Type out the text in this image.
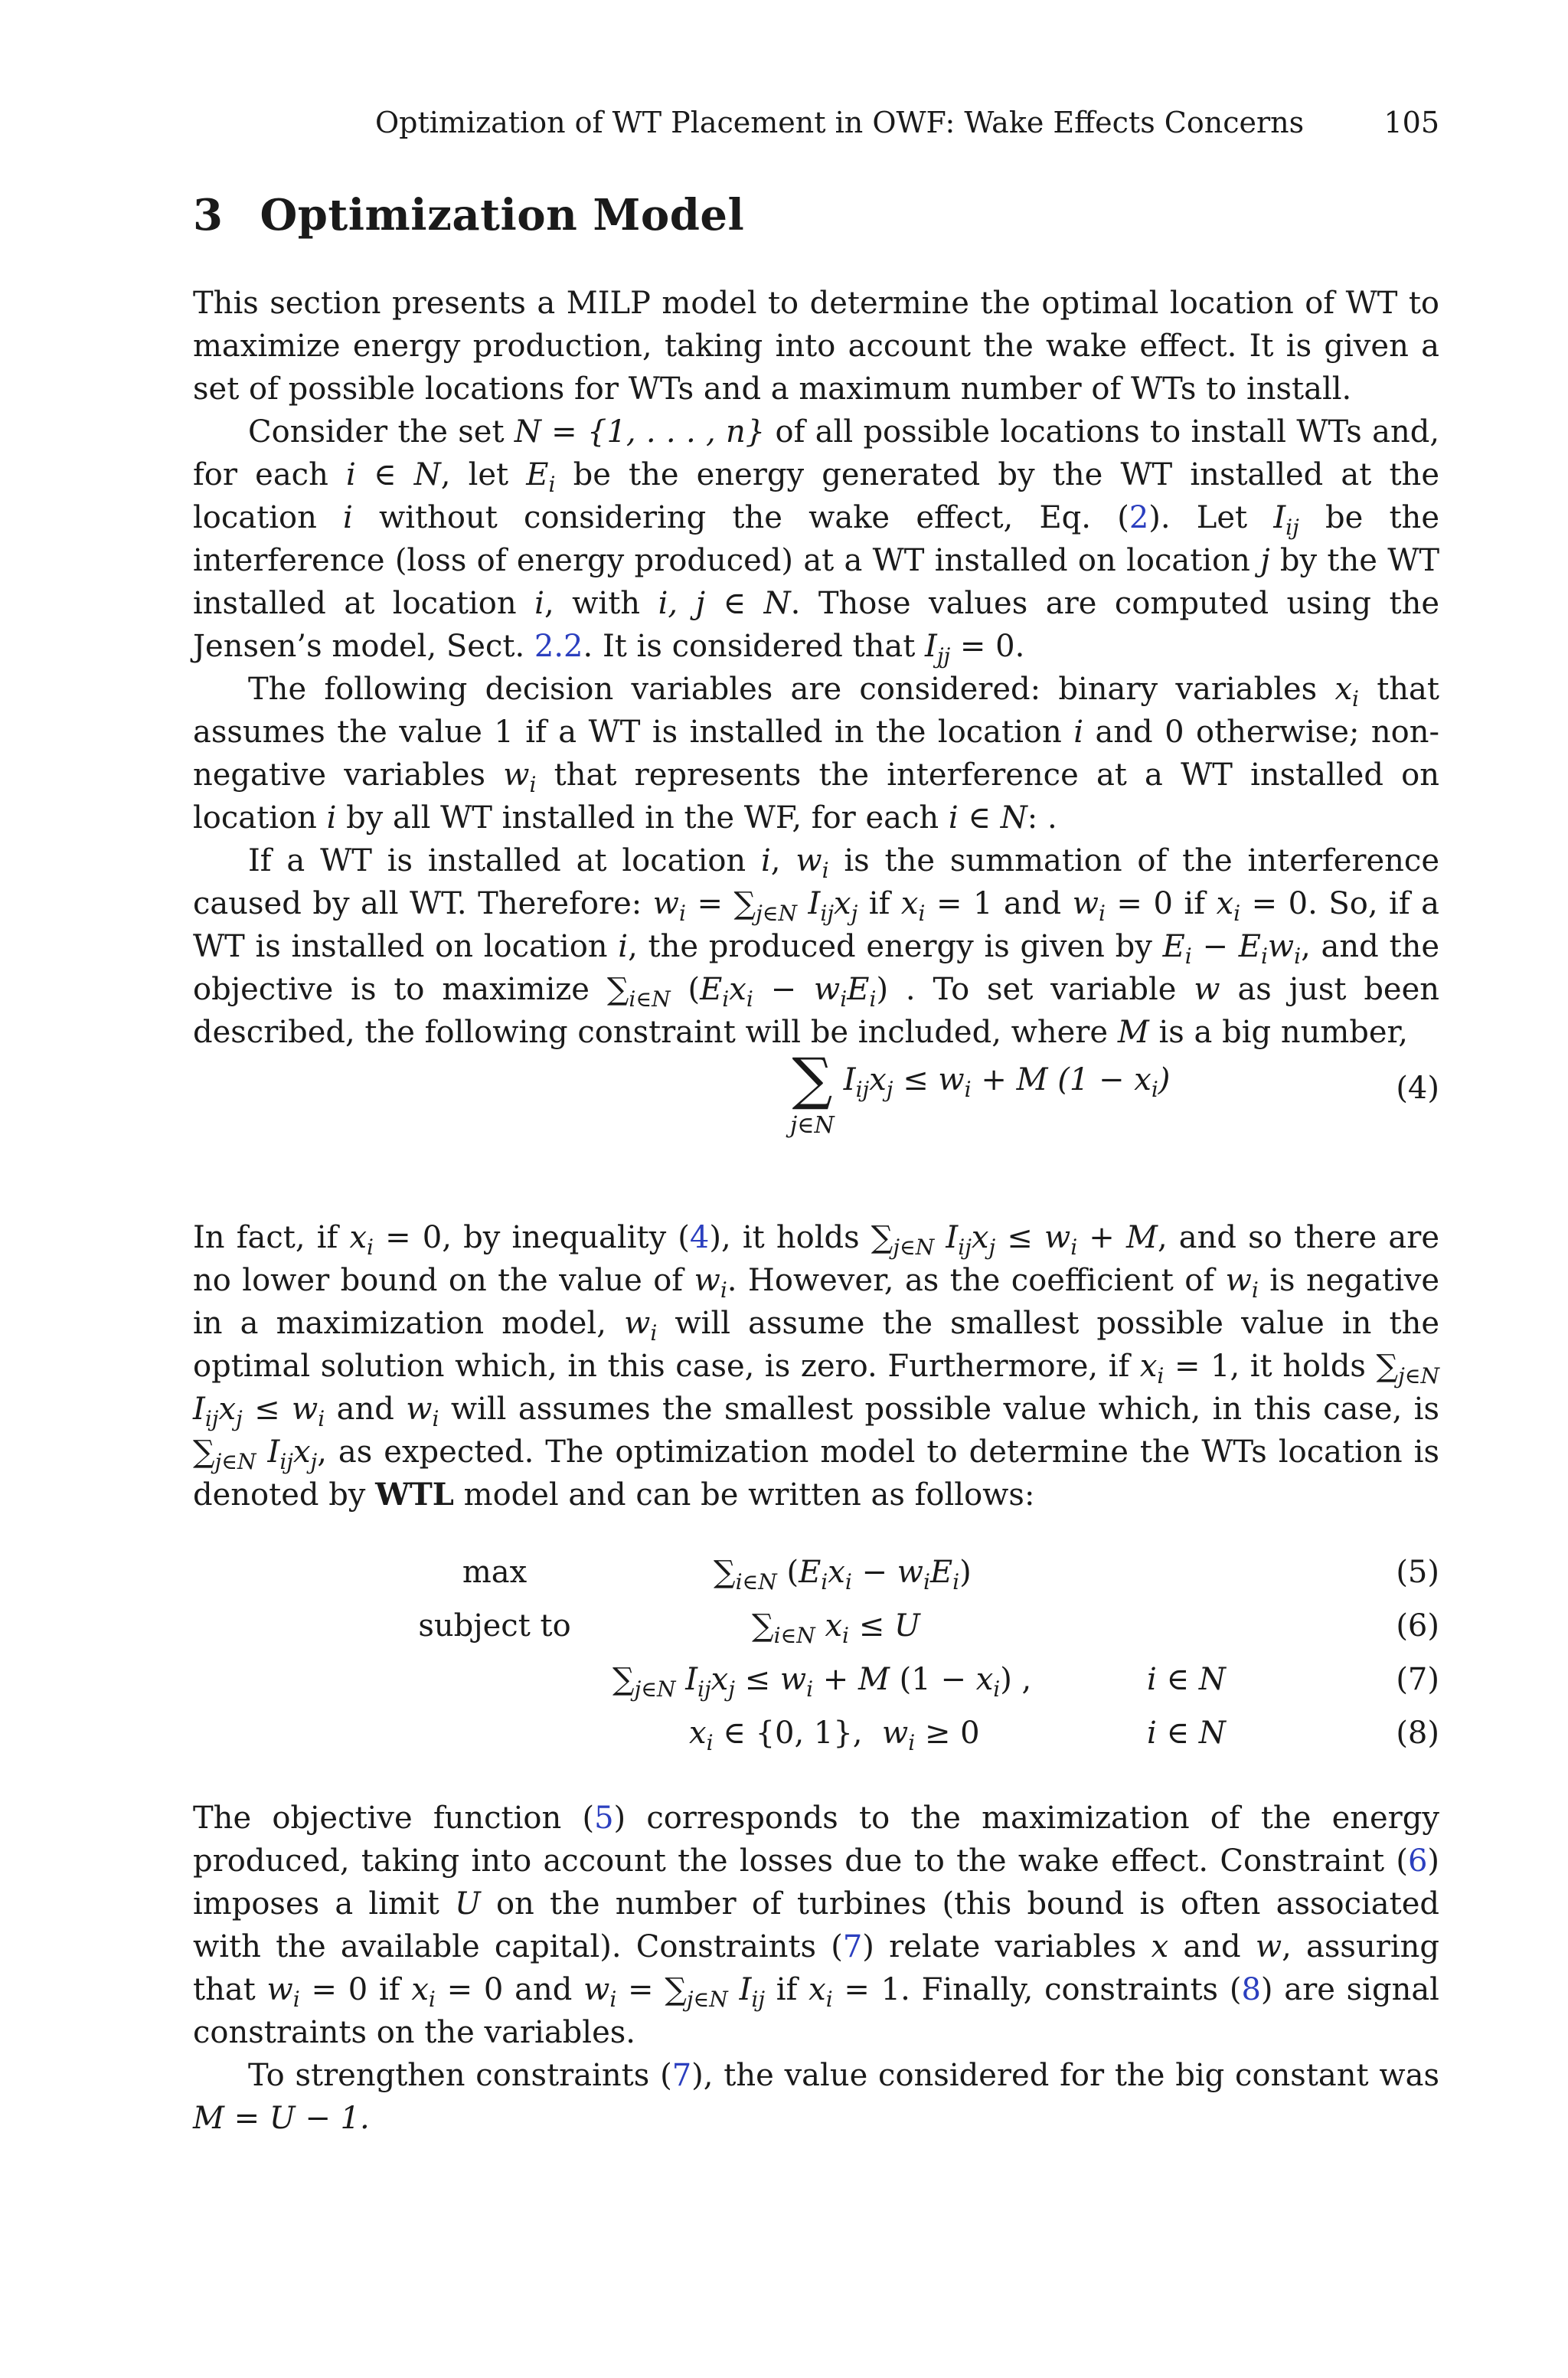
Optimization of WT Placement in OWF: Wake Effects Concerns	105
3 Optimization Model

This section presents a MILP model to determine the optimal location of WT to maximize energy production, taking into account the wake effect. It is given a set of possible locations for WTs and a maximum number of WTs to install.

Consider the set N = {1, . . . , n} of all possible locations to install WTs and, for each i ∈ N, let $E_i$ be the energy generated by the WT installed at the location i without considering the wake effect, Eq. (2). Let $I_{ij}$ be the interference (loss of energy produced) at a WT installed on location j by the WT installed at location i, with i, j ∈ N. Those values are computed using the Jensen’s model, Sect. 2.2. It is considered that $I_{jj} = 0$.

The following decision variables are considered: binary variables $x_i$ that assumes the value 1 if a WT is installed in the location i and 0 otherwise; non-negative variables $w_i$ that represents the interference at a WT installed on location i by all WT installed in the WF, for each i ∈ N: .

If a WT is installed at location i, $w_i$ is the summation of the interference caused by all WT. Therefore: $w_i = \sum_{j\in N}$ $I_{ij}x_j$ if $x_i = 1$ and $w_i = 0$ if $x_i = 0$. So, if a WT is installed on location i, the produced energy is given by $E_i - E_iw_i$, and the objective is to maximize $\sum_{i\in N}$ $(E_ix_i - w_iE_i)$ . To set variable w as just been described, the following constraint will be included, where M is a big number,

∑
j∈N
$I_{ij}x_j \le w_i + M$ $(1 - x_i)$	(4)

In fact, if $x_i = 0$, by inequality (4), it holds $\sum_{j\in N}$ $I_{ij}x_j \le w_i + M$, and so there are no lower bound on the value of $w_i$. However, as the coefficient of $w_i$ is negative in a maximization model, $w_i$ will assume the smallest possible value in the optimal solution which, in this case, is zero. Furthermore, if $x_i = 1$, it holds $\sum_{j\in N}$ $I_{ij}x_j \le w_i$ and $w_i$ will assumes the smallest possible value which, in this case, is $\sum_{j\in N}$ $I_{ij}x_j$, as expected. The optimization model to determine the WTs location is denoted by WTL model and can be written as follows:

max	$\sum_{i\in N}$ $(E_ix_i - w_iE_i)$	(5)
subject to	$\sum_{i\in N}$ $x_i \le U$	(6)
$\sum_{j\in N}$ $I_{ij}x_j \le w_i + M$ $(1 - x_i)$ ,	i ∈ N	(7)
$x_i$ ∈ {0, 1},  $w_i \ge 0$	i ∈ N	(8)

The objective function (5) corresponds to the maximization of the energy produced, taking into account the losses due to the wake effect. Constraint (6) imposes a limit U on the number of turbines (this bound is often associated with the available capital). Constraints (7) relate variables x and w, assuring that $w_i = 0$ if $x_i = 0$ and $w_i = \sum_{j\in N}$ $I_{ij}$ if $x_i = 1$. Finally, constraints (8) are signal constraints on the variables.

To strengthen constraints (7), the value considered for the big constant was M = U − 1.
